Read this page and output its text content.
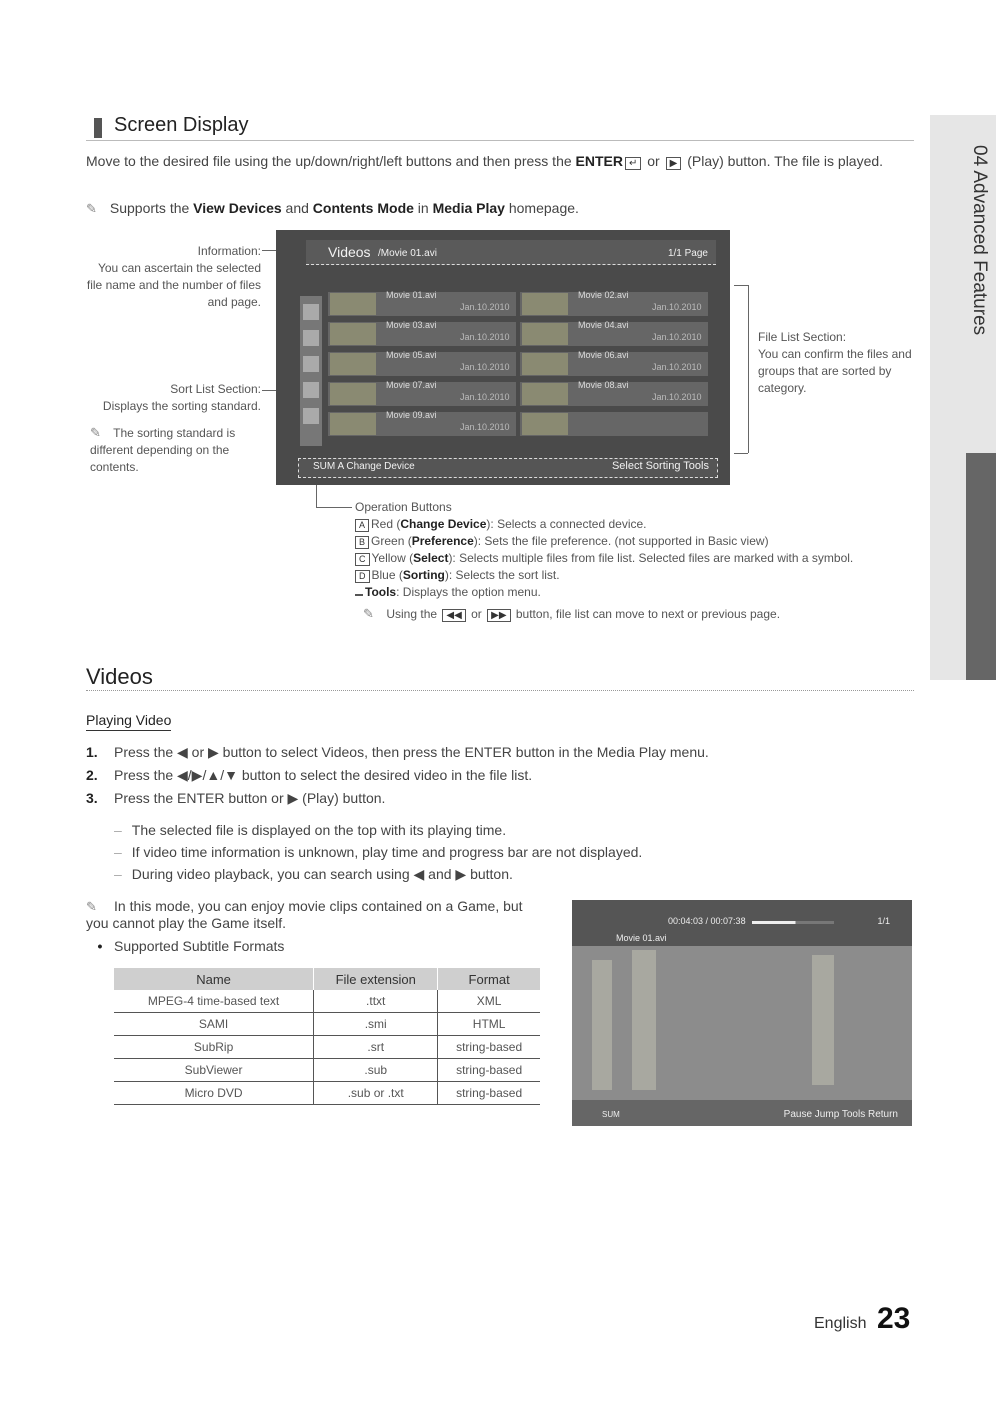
Screen Display
Move to the desired file using the up/down/right/left buttons and then press the ENTER ↵ or ▶ (Play) button. The file is played.
✎ Supports the View Devices and Contents Mode in Media Play homepage.	04 Advanced Features
Information:
You can ascertain the selected file name and the number of files and page.
Sort List Section:
Displays the sorting standard.
✎ The sorting standard is different depending on the contents.
File List Section:
You can confirm the files and groups that are sorted by category.
Videos /Movie 01.avi	1/1 Page
Movie 01.avi
Jan.10.2010
Movie 02.avi
Jan.10.2010
Movie 03.avi
Jan.10.2010
Movie 04.avi
Jan.10.2010
Movie 05.avi
Jan.10.2010
Movie 06.avi
Jan.10.2010
Movie 07.avi
Jan.10.2010
Movie 08.avi
Jan.10.2010
Movie 09.avi
Jan.10.2010
SUM A Change Device	Select Sorting Tools
Operation Buttons
A Red (Change Device): Selects a connected device.
B Green (Preference): Sets the file preference. (not supported in Basic view)
C Yellow (Select): Selects multiple files from file list. Selected files are marked with a symbol.
D Blue (Sorting): Selects the sort list.
Tools: Displays the option menu.
✎ Using the ◀◀ or ▶▶ button, file list can move to next or previous page.
Videos
Playing Video
1. Press the ◀ or ▶ button to select Videos, then press the ENTER button in the Media Play menu.
2. Press the ◀/▶/▲/▼ button to select the desired video in the file list.
3. Press the ENTER button or ▶ (Play) button.
– The selected file is displayed on the top with its playing time.
– If video time information is unknown, play time and progress bar are not displayed.
– During video playback, you can search using ◀ and ▶ button.
✎ In this mode, you can enjoy movie clips contained on a Game, but you cannot play the Game itself.
• Supported Subtitle Formats
Name	File extension	Format
MPEG-4 time-based text	.ttxt	XML
SAMI	.smi	HTML
SubRip	.srt	string-based
SubViewer	.sub	string-based
Micro DVD	.sub or .txt	string-based
00:04:03 / 00:07:38	1/1
Movie 01.avi
SUM	Pause Jump Tools Return
English 23
